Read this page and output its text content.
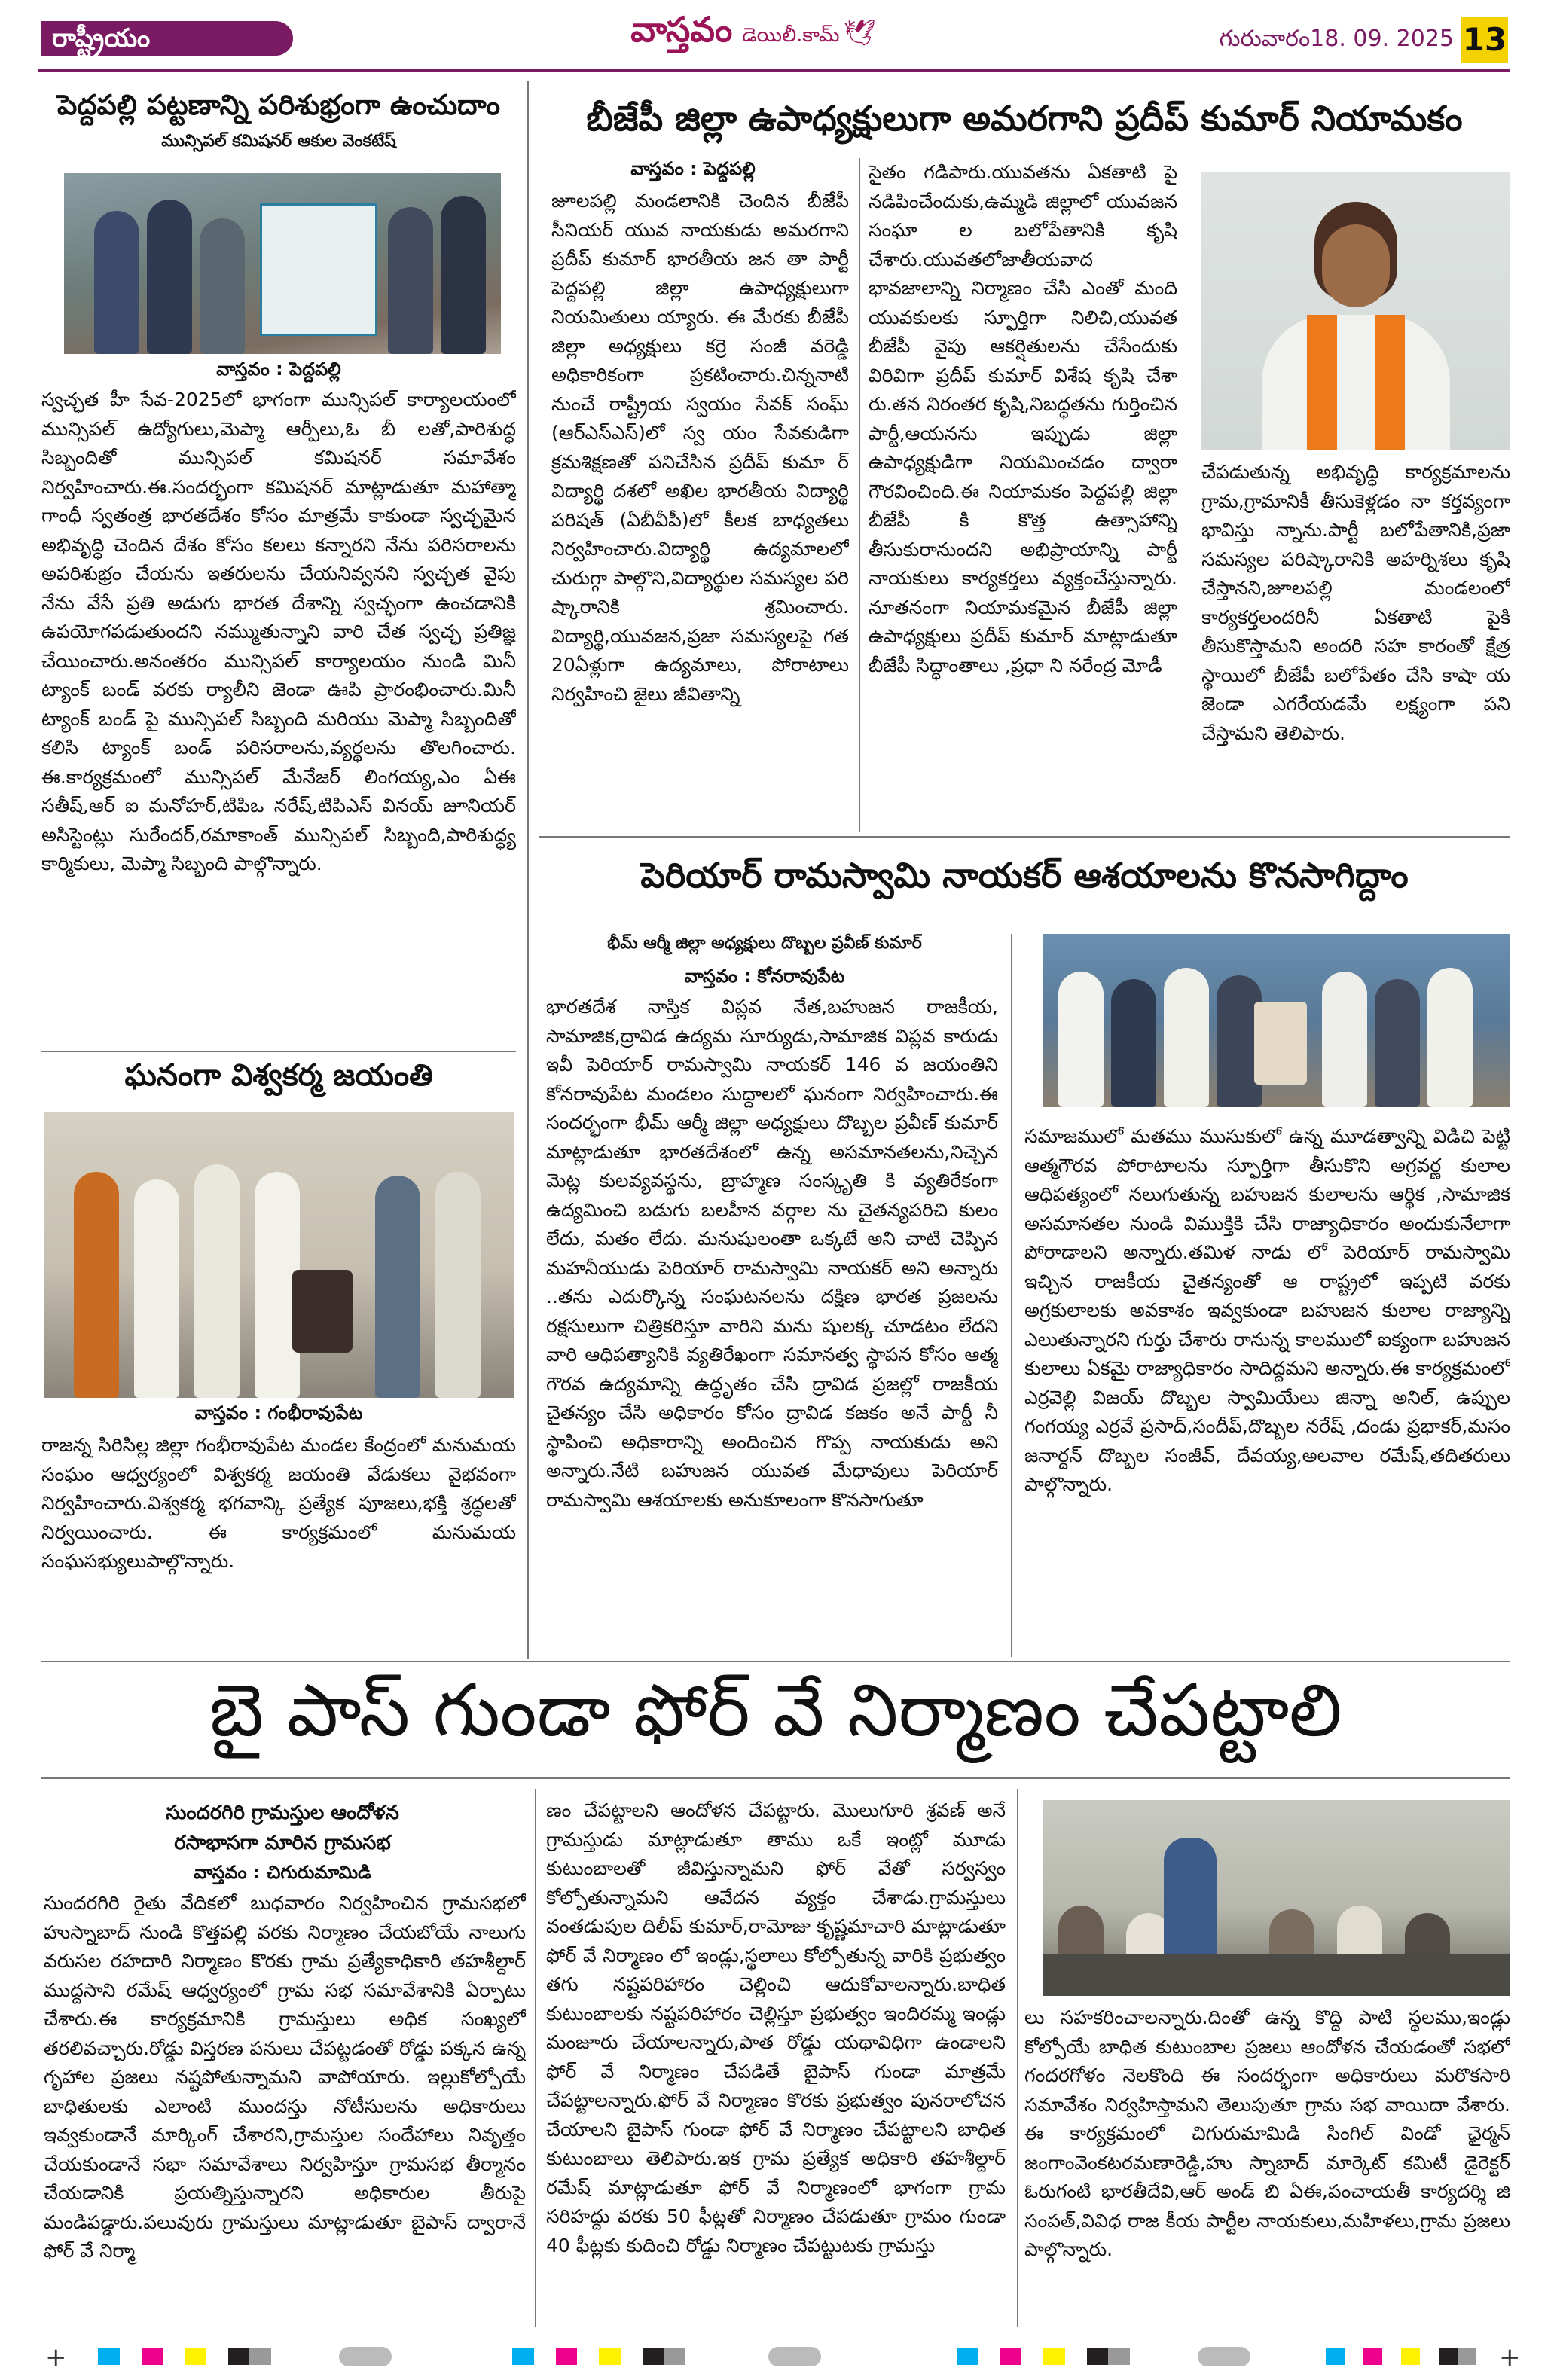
రాష్ట్రీయం	వాస్తవం డెయిలీ.కామ్ 🕊	గురువారం18. 09. 2025 13
పెద్దపల్లి పట్టణాన్ని పరిశుభ్రంగా ఉంచుదాం
మున్సిపల్ కమిషనర్ ఆకుల వెంకటేష్
వాస్తవం : పెద్దపల్లి
స్వచ్ఛత హీ సేవ-2025లో భాగంగా మున్సిపల్ కార్యాలయంలో మున్సిపల్ ఉద్యోగులు,మెప్మా ఆర్పీలు,ఓ బీ లతో,పారిశుద్ధ సిబ్బందితో మున్సిపల్ కమిషనర్ సమావేశం నిర్వహించారు.ఈ.సందర్భంగా కమిషనర్ మాట్లాడుతూ మహాత్మా గాంధీ స్వతంత్ర భారతదేశం కోసం మాత్రమే కాకుండా స్వచ్ఛమైన అభివృద్ధి చెందిన దేశం కోసం కలలు కన్నారని నేను పరిసరాలను అపరిశుభ్రం చేయను ఇతరులను చేయనివ్వనని స్వచ్ఛత వైపు నేను వేసే ప్రతి అడుగు భారత దేశాన్ని స్వచ్ఛంగా ఉంచడానికి ఉపయోగపడుతుందని నమ్ముతున్నాని వారి చేత స్వచ్ఛ ప్రతిజ్ఞ చేయించారు.అనంతరం మున్సిపల్ కార్యాలయం నుండి మినీ ట్యాంక్ బండ్ వరకు ర్యాలీని జెండా ఊపి ప్రారంభించారు.మినీ ట్యాంక్ బండ్ పై మున్సిపల్ సిబ్బంది మరియు మెప్మా సిబ్బందితో కలిసి ట్యాంక్ బండ్ పరిసరాలను,వ్యర్థలను తొలగించారు. ఈ.కార్యక్రమంలో మున్సిపల్ మేనేజర్ లింగయ్య,ఎం ఏఈ సతీష్,ఆర్ ఐ మనోహర్,టిపిఒ నరేష్,టిపిఎస్ వినయ్ జూనియర్ అసిస్టెంట్లు సురేందర్,రమాకాంత్ మున్సిపల్ సిబ్బంది,పారిశుద్ధ్య కార్మికులు, మెప్మా సిబ్బంది పాల్గొన్నారు.
ఘనంగా విశ్వకర్మ జయంతి
వాస్తవం : గంభీరావుపేట
రాజన్న సిరిసిల్ల జిల్లా గంభీరావుపేట మండల కేంద్రంలో మనుమయ సంఘం ఆధ్వర్యంలో విశ్వకర్మ జయంతి వేడుకలు వైభవంగా నిర్వహించారు.విశ్వకర్మ భగవాన్కి ప్రత్యేక పూజలు,భక్తి శ్రద్ధలతో నిర్వయించారు. ఈ కార్యక్రమంలో మనుమయ సంఘసభ్యులుపాల్గొన్నారు.
బీజేపీ జిల్లా ఉపాధ్యక్షులుగా అమరగాని ప్రదీప్ కుమార్ నియామకం
వాస్తవం : పెద్దపల్లి
జూలపల్లి మండలానికి చెందిన బీజేపీ సీనియర్ యువ నాయకుడు అమరగాని ప్రదీప్ కుమార్ భారతీయ జన తా పార్టీ పెద్దపల్లి జిల్లా ఉపాధ్యక్షులుగా నియమితులు య్యారు. ఈ మేరకు బీజేపీ జిల్లా అధ్యక్షులు కర్రె సంజీ వరెడ్డి అధికారికంగా ప్రకటించారు.చిన్ననాటి నుంచే రాష్ట్రీయ స్వయం సేవక్ సంఘ్ (ఆర్ఎస్ఎస్)లో స్వ యం సేవకుడిగా క్రమశిక్షణతో పనిచేసిన ప్రదీప్ కుమా ర్ విద్యార్థి దశలో అఖిల భారతీయ విద్యార్థి పరిషత్ (ఏబీవీపీ)లో కీలక బాధ్యతలు నిర్వహించారు.విద్యార్థి ఉద్యమాలలో చురుగ్గా పాల్గొని,విద్యార్థుల సమస్యల పరి ష్కారానికి శ్రమించారు. విద్యార్థి,యువజన,ప్రజా సమస్యలపై గత 20ఏళ్లుగా ఉద్యమాలు, పోరాటాలు నిర్వహించి జైలు జీవితాన్ని
సైతం గడిపారు.యువతను ఏకతాటి పై నడిపించేందుకు,ఉమ్మడి జిల్లాలో యువజన సంఘా ల బలోపేతానికి కృషి చేశారు.యువతలోజాతీయవాద భావజాలాన్ని నిర్మాణం చేసి ఎంతో మంది యువకులకు స్ఫూర్తిగా నిలిచి,యువత బీజేపీ వైపు ఆకర్షితులను చేసేందుకు విరివిగా ప్రదీప్ కుమార్ విశేష కృషి చేశా రు.తన నిరంతర కృషి,నిబద్ధతను గుర్తించిన పార్టీ,ఆయనను ఇప్పుడు జిల్లా ఉపాధ్యక్షుడిగా నియమించడం ద్వారా గౌరవించింది.ఈ నియామకం పెద్దపల్లి జిల్లా బీజేపీ కి కొత్త ఉత్సాహాన్ని తీసుకురానుందని అభిప్రాయాన్ని పార్టీ నాయకులు కార్యకర్తలు వ్యక్తంచేస్తున్నారు. నూతనంగా నియామకమైన బీజేపీ జిల్లా ఉపాధ్యక్షులు ప్రదీప్ కుమార్ మాట్లాడుతూ బీజేపీ సిద్ధాంతాలు ,ప్రధా ని నరేంద్ర మోడీ
చేపడుతున్న అభివృద్ధి కార్యక్రమాలను గ్రామ,గ్రామానికీ తీసుకెళ్లడం నా కర్తవ్యంగా భావిస్తు న్నాను.పార్టీ బలోపేతానికి,ప్రజా సమస్యల పరిష్కారానికి అహర్నిశలు కృషి చేస్తానని,జూలపల్లి మండలంలో కార్యకర్తలందరినీ ఏకతాటి పైకి తీసుకొస్తామని అందరి సహ కారంతో క్షేత్ర స్థాయిలో బీజేపీ బలోపేతం చేసి కాషా య జెండా ఎగరేయడమే లక్ష్యంగా పని చేస్తామని తెలిపారు.
పెరియార్ రామస్వామి నాయకర్ ఆశయాలను కొనసాగిద్దాం
భీమ్ ఆర్మీ జిల్లా అధ్యక్షులు దొబ్బల ప్రవీణ్ కుమార్
వాస్తవం : కోనరావుపేట
భారతదేశ నాస్తిక విప్లవ నేత,బహుజన రాజకీయ, సామాజిక,ద్రావిడ ఉద్యమ సూర్యుడు,సామాజిక విప్లవ కారుడు ఇవీ పెరియార్ రామస్వామి నాయకర్ 146 వ జయంతిని కోనరావుపేట మండలం సుద్దాలలో ఘనంగా నిర్వహించారు.ఈ సందర్భంగా భీమ్ ఆర్మీ జిల్లా అధ్యక్షులు దొబ్బల ప్రవీణ్ కుమార్ మాట్లాడుతూ భారతదేశంలో ఉన్న అసమానతలను,నిచ్చెన మెట్ల కులవ్యవస్థను, బ్రాహ్మణ సంస్కృతి కి వ్యతిరేకంగా ఉద్యమించి బడుగు బలహీన వర్గాల ను చైతన్యపరిచి కులం లేదు, మతం లేదు. మనుషులంతా ఒక్కటే అని చాటి చెప్పిన మహనీయుడు పెరియార్ రామస్వామి నాయకర్ అని అన్నారు ..తను ఎదుర్కొన్న సంఘటనలను దక్షిణ భారత ప్రజలను రక్షసులుగా చిత్రికరిస్తూ వారిని మను షులక్క చూడటం లేదని వారి ఆధిపత్యానికి వ్యతిరేఖంగా సమానత్వ స్థాపన కోసం ఆత్మ గౌరవ ఉద్యమాన్ని ఉద్ధృతం చేసి ద్రావిడ ప్రజల్లో రాజకీయ చైతన్యం చేసి అధికారం కోసం ద్రావిడ కజకం అనే పార్టీ నీ స్థాపించి అధికారాన్ని అందించిన గొప్ప నాయకుడు అని అన్నారు.నేటి బహుజన యువత మేధావులు పెరియార్ రామస్వామి ఆశయాలకు అనుకూలంగా కొనసాగుతూ
సమాజములో మతము ముసుకులో ఉన్న మూడత్వాన్ని విడిచి పెట్టి ఆత్మగౌరవ పోరాటాలను స్ఫూర్తిగా తీసుకొని అగ్రవర్ణ కులాల ఆధిపత్యంలో నలుగుతున్న బహుజన కులాలను ఆర్థిక ,సామాజిక అసమానతల నుండి విముక్తికి చేసి రాజ్యాధికారం అందుకునేలాగా పోరాడాలని అన్నారు.తమిళ నాడు లో పెరియార్ రామస్వామి ఇచ్చిన రాజకీయ చైతన్యంతో ఆ రాష్ట్రలో ఇప్పటి వరకు అగ్రకులాలకు అవకాశం ఇవ్వకుండా బహుజన కులాల రాజ్యాన్ని ఎలుతున్నారని గుర్తు చేశారు రానున్న కాలములో ఐక్యంగా బహుజన కులాలు ఏకమై రాజ్యాధికారం సాదిద్దమని అన్నారు.ఈ కార్యక్రమంలో ఎర్రవెల్లి విజయ్ దొబ్బల స్వామియేలు జిన్నా అనిల్, ఉప్పుల గంగయ్య ఎర్రవే ప్రసాద్,సందీప్,దొబ్బల నరేష్ ,దండు ప్రభాకర్,మసం జనార్దన్ దొబ్బల సంజీవ్, దేవయ్య,అలవాల రమేష్,తదితరులు పాల్గొన్నారు.
బై పాస్ గుండా ఫోర్ వే నిర్మాణం చేపట్టాలి
సుందరగిరి గ్రామస్తుల ఆందోళన
రసాభాసగా మారిన గ్రామసభ
వాస్తవం : చిగురుమామిడి
సుందరగిరి రైతు వేదికలో బుధవారం నిర్వహించిన గ్రామసభలో హుస్నాబాద్ నుండి కొత్తపల్లి వరకు నిర్మాణం చేయబోయే నాలుగు వరుసల రహదారి నిర్మాణం కొరకు గ్రామ ప్రత్యేకాధికారి తహశీల్దార్ ముద్దసాని రమేష్ ఆధ్వర్యంలో గ్రామ సభ సమావేశానికి ఏర్పాటు చేశారు.ఈ కార్యక్రమానికి గ్రామస్తులు అధిక సంఖ్యలో తరలివచ్చారు.రోడ్డు విస్తరణ పనులు చేపట్టడంతో రోడ్డు పక్కన ఉన్న గృహాల ప్రజలు నష్టపోతున్నామని వాపోయారు. ఇల్లుకోల్పోయే బాధితులకు ఎలాంటి ముందస్తు నోటీసులను అధికారులు ఇవ్వకుండానే మార్కింగ్ చేశారని,గ్రామస్తుల సందేహాలు నివృత్తం చేయకుండానే సభా సమావేశాలు నిర్వహిస్తూ గ్రామసభ తీర్మానం చేయడానికి ప్రయత్నిస్తున్నారని అధికారుల తీరుపై మండిపడ్డారు.పలువురు గ్రామస్తులు మాట్లాడుతూ బైపాస్ ద్వారానే ఫోర్ వే నిర్మా
ణం చేపట్టాలని ఆందోళన చేపట్టారు. మొలుగూరి శ్రవణ్ అనే గ్రామస్తుడు మాట్లాడుతూ తాము ఒకే ఇంట్లో మూడు కుటుంబాలతో జీవిస్తున్నామని ఫోర్ వేతో సర్వస్వం కోల్పోతున్నామని ఆవేదన వ్యక్తం చేశాడు.గ్రామస్తులు వంతడుపుల దిలీప్ కుమార్,రామోజు కృష్ణమాచారి మాట్లాడుతూ ఫోర్ వే నిర్మాణం లో ఇండ్లు,స్థలాలు కోల్పోతున్న వారికి ప్రభుత్వం తగు నష్టపరిహారం చెల్లించి ఆదుకోవాలన్నారు.బాధిత కుటుంబాలకు నష్టపరిహారం చెల్లిస్తూ ప్రభుత్వం ఇందిరమ్మ ఇండ్లు మంజూరు చేయాలన్నారు,పాత రోడ్డు యథావిధిగా ఉండాలని ఫోర్ వే నిర్మాణం చేపడితే బైపాస్ గుండా మాత్రమే చేపట్టాలన్నారు.ఫోర్ వే నిర్మాణం కొరకు ప్రభుత్వం పునరాలోచన చేయాలని బైపాస్ గుండా ఫోర్ వే నిర్మాణం చేపట్టాలని బాధిత కుటుంబాలు తెలిపారు.ఇక గ్రామ ప్రత్యేక అధికారి తహశీల్దార్ రమేష్ మాట్లాడుతూ ఫోర్ వే నిర్మాణంలో భాగంగా గ్రామ సరిహద్దు వరకు 50 ఫీట్లతో నిర్మాణం చేపడుతూ గ్రామం గుండా 40 ఫీట్లకు కుదించి రోడ్డు నిర్మాణం చేపట్టుటకు గ్రామస్తు
లు సహకరించాలన్నారు.దింతో ఉన్న కొద్ది పాటి స్థలము,ఇండ్లు కోల్పోయే బాధిత కుటుంబాల ప్రజలు ఆందోళన చేయడంతో సభలో గందరగోళం నెలకొంది ఈ సందర్భంగా అధికారులు మరొకసారి సమావేశం నిర్వహిస్తామని తెలుపుతూ గ్రామ సభ వాయిదా వేశారు. ఈ కార్యక్రమంలో చిగురుమామిడి సింగిల్ విండో ఛైర్మన్ జంగాంవెంకటరమణారెడ్డి,హు స్నాబాద్ మార్కెట్ కమిటీ డైరెక్టర్ ఓరుగంటి భారతీదేవి,ఆర్ అండ్ బి ఏఈ,పంచాయతీ కార్యదర్శి జి సంపత్,వివిధ రాజ కీయ పార్టీల నాయకులు,మహిళలు,గ్రామ ప్రజలు పాల్గొన్నారు.
+	+
